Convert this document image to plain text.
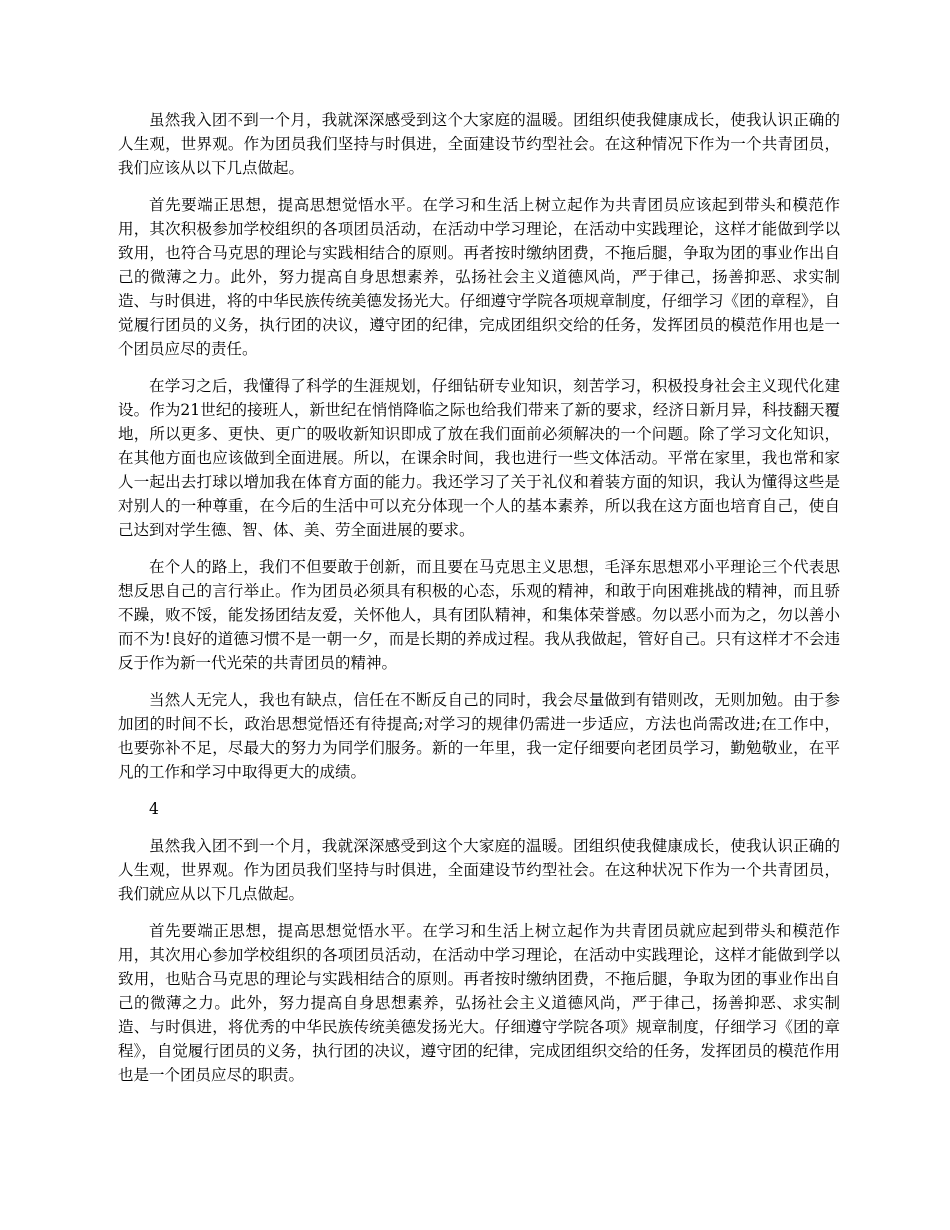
虽然我入团不到一个月，我就深深感受到这个大家庭的温暖。团组织使我健康成长，使我认识正确的人生观，世界观。作为团员我们坚持与时俱进，全面建设节约型社会。在这种情况下作为一个共青团员，我们应该从以下几点做起。

首先要端正思想，提高思想觉悟水平。在学习和生活上树立起作为共青团员应该起到带头和模范作用，其次积极参加学校组织的各项团员活动，在活动中学习理论，在活动中实践理论，这样才能做到学以致用，也符合马克思的理论与实践相结合的原则。再者按时缴纳团费，不拖后腿，争取为团的事业作出自己的微薄之力。此外，努力提高自身思想素养，弘扬社会主义道德风尚，严于律己，扬善抑恶、求实制造、与时俱进，将的中华民族传统美德发扬光大。仔细遵守学院各项规章制度，仔细学习《团的章程》，自觉履行团员的义务，执行团的决议，遵守团的纪律，完成团组织交给的任务，发挥团员的模范作用也是一个团员应尽的责任。

在学习之后，我懂得了科学的生涯规划，仔细钻研专业知识，刻苦学习，积极投身社会主义现代化建设。作为21世纪的接班人，新世纪在悄悄降临之际也给我们带来了新的要求，经济日新月异，科技翻天覆地，所以更多、更快、更广的吸收新知识即成了放在我们面前必须解决的一个问题。除了学习文化知识，在其他方面也应该做到全面进展。所以，在课余时间，我也进行一些文体活动。平常在家里，我也常和家人一起出去打球以增加我在体育方面的能力。我还学习了关于礼仪和着装方面的知识，我认为懂得这些是对别人的一种尊重，在今后的生活中可以充分体现一个人的基本素养，所以我在这方面也培育自己，使自己达到对学生德、智、体、美、劳全面进展的要求。

在个人的路上，我们不但要敢于创新，而且要在马克思主义思想，毛泽东思想邓小平理论三个代表思想反思自己的言行举止。作为团员必须具有积极的心态，乐观的精神，和敢于向困难挑战的精神，而且骄不躁，败不馁，能发扬团结友爱，关怀他人，具有团队精神，和集体荣誉感。勿以恶小而为之，勿以善小而不为!良好的道德习惯不是一朝一夕，而是长期的养成过程。我从我做起，管好自己。只有这样才不会违反于作为新一代光荣的共青团员的精神。

当然人无完人，我也有缺点，信任在不断反自己的同时，我会尽量做到有错则改，无则加勉。由于参加团的时间不长，政治思想觉悟还有待提高;对学习的规律仍需进一步适应，方法也尚需改进;在工作中，也要弥补不足，尽最大的努力为同学们服务。新的一年里，我一定仔细要向老团员学习，勤勉敬业，在平凡的工作和学习中取得更大的成绩。

4

虽然我入团不到一个月，我就深深感受到这个大家庭的温暖。团组织使我健康成长，使我认识正确的人生观，世界观。作为团员我们坚持与时俱进，全面建设节约型社会。在这种状况下作为一个共青团员，我们就应从以下几点做起。

首先要端正思想，提高思想觉悟水平。在学习和生活上树立起作为共青团员就应起到带头和模范作用，其次用心参加学校组织的各项团员活动，在活动中学习理论，在活动中实践理论，这样才能做到学以致用，也贴合马克思的理论与实践相结合的原则。再者按时缴纳团费，不拖后腿，争取为团的事业作出自己的微薄之力。此外，努力提高自身思想素养，弘扬社会主义道德风尚，严于律己，扬善抑恶、求实制造、与时俱进，将优秀的中华民族传统美德发扬光大。仔细遵守学院各项》规章制度，仔细学习《团的章程》，自觉履行团员的义务，执行团的决议，遵守团的纪律，完成团组织交给的任务，发挥团员的模范作用也是一个团员应尽的职责。
